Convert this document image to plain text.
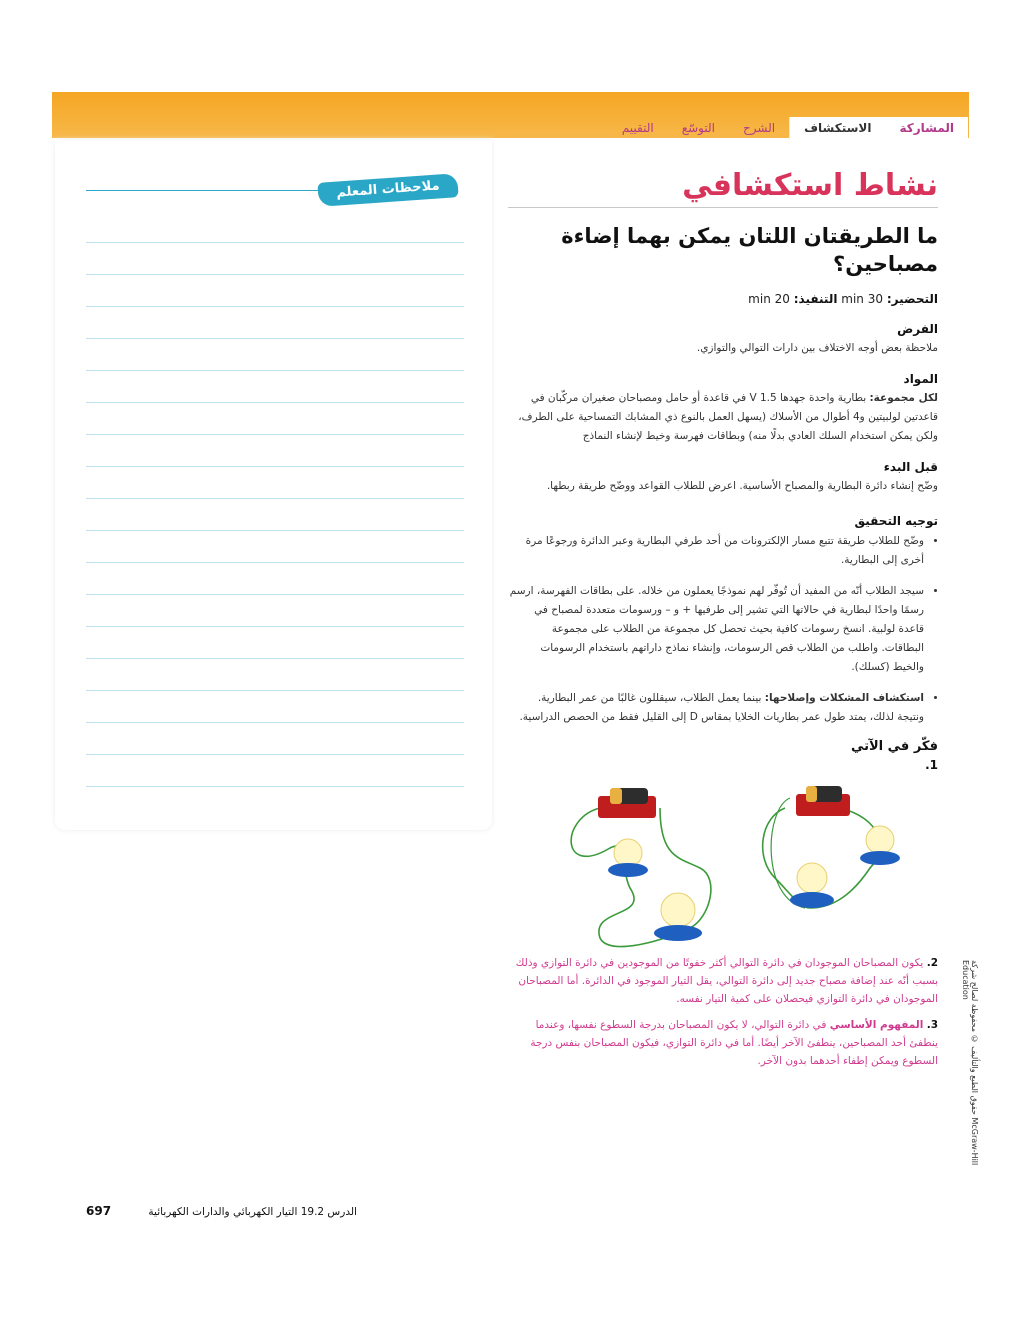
المشاركة
الاستكشاف
الشرح
التوسّع
التقييم
ملاحظات المعلم	نشاط استكشافي
ما الطريقتان اللتان يمكن بهما إضاءة مصباحين؟
التحضير: 30 min التنفيذ: 20 min
الفرض

ملاحظة بعض أوجه الاختلاف بين دارات التوالي والتوازي.

المواد

لكل مجموعة: بطارية واحدة جهدها 1.5 V في قاعدة أو حامل ومصباحان صغيران مركّبان في قاعدتين لولبيتين و4 أطوال من الأسلاك (يسهل العمل بالنوع ذي المشابك التمساحية على الطرف، ولكن يمكن استخدام السلك العادي بدلًا منه) وبطاقات فهرسة وخيط لإنشاء النماذج

قبل البدء

وضّح إنشاء دائرة البطارية والمصباح الأساسية. اعرض للطلاب القواعد ووضّح طريقة ربطها.

توجيه التحقيق
• وضّح للطلاب طريقة تتبع مسار الإلكترونات من أحد طرفي البطارية وعبر الدائرة ورجوعًا مرة أخرى إلى البطارية.
• سيجد الطلاب أنّه من المفيد أن تُوفّر لهم نموذجًا يعملون من خلاله. على بطاقات الفهرسة، ارسم رسمًا واحدًا لبطارية في حالاتها التي تشير إلى طرفيها + و – ورسومات متعددة لمصباح في قاعدة لولبية. انسخ رسومات كافية بحيث تحصل كل مجموعة من الطلاب على مجموعة البطاقات. واطلب من الطلاب قص الرسومات، وإنشاء نماذج داراتهم باستخدام الرسومات والخيط (كسلك).
• استكشاف المشكلات وإصلاحها: بينما يعمل الطلاب، سيقللون غالبًا من عمر البطارية. ونتيجة لذلك، يمتد طول عمر بطاريات الخلايا بمقاس D إلى القليل فقط من الحصص الدراسية.
فكّر في الآتي
1.

2. يكون المصباحان الموجودان في دائرة التوالي أكثر خفوتًا من الموجودين في دائرة التوازي وذلك بسبب أنّه عند إضافة مصباح جديد إلى دائرة التوالي، يقل التيار الموجود في الدائرة. أما المصباحان الموجودان في دائرة التوازي فيحصلان على كمية التيار نفسه.

3. المفهوم الأساسي في دائرة التوالي، لا يكون المصباحان بدرجة السطوع نفسها، وعندما ينطفئ أحد المصباحين، ينطفئ الآخر أيضًا. أما في دائرة التوازي، فيكون المصباحان بنفس درجة السطوع ويمكن إطفاء أحدهما بدون الآخر.	حقوق الطبع والتأليف © محفوظة لصالح شركة McGraw-Hill Education
697	الدرس 19.2 التيار الكهربائي والدارات الكهربائية
